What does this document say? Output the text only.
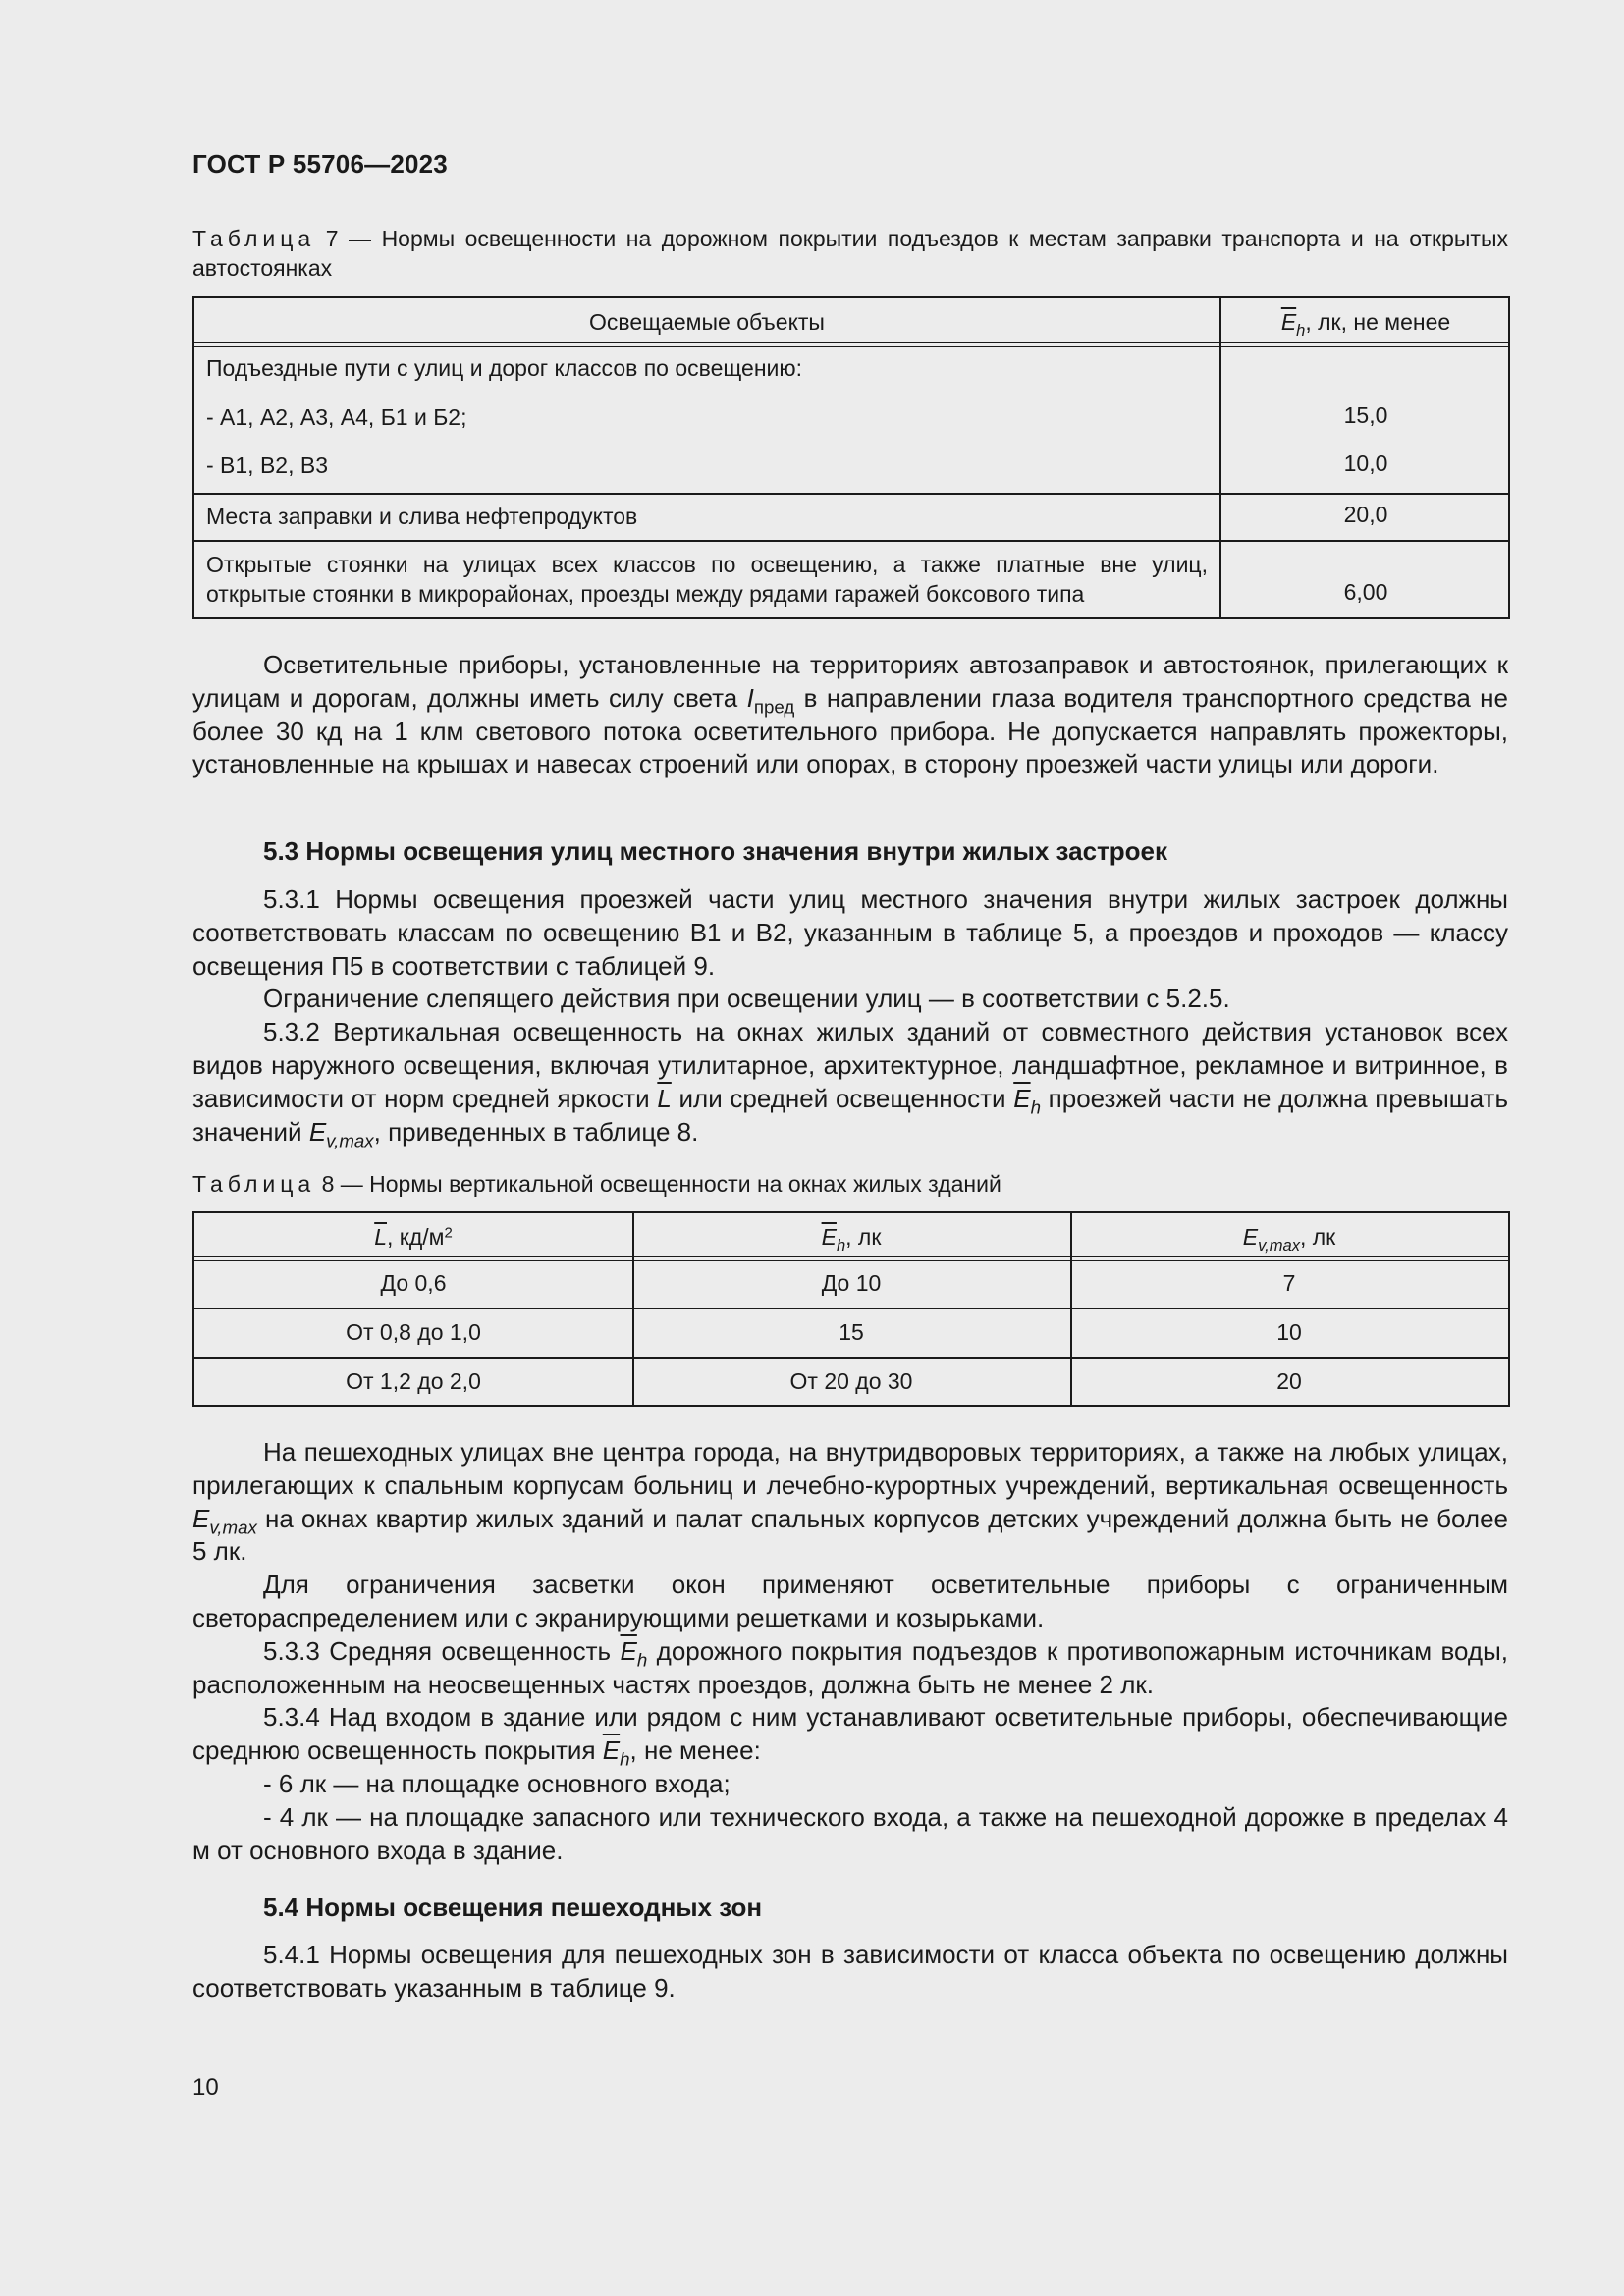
ГОСТ Р 55706—2023
Таблица 7 — Нормы освещенности на дорожном покрытии подъездов к местам заправки транспорта и на открытых автостоянках
Освещаемые объекты	$\overline{E}_h$, лк, не менее
Подъездные пути с улиц и дорог классов по освещению:
- А1, А2, А3, А4, Б1 и Б2;	15,0
- В1, В2, В3	10,0
Места заправки и слива нефтепродуктов	20,0
Открытые стоянки на улицах всех классов по освещению, а также платные вне улиц, открытые стоянки в микрорайонах, проезды между рядами гаражей боксового типа	6,00

Осветительные приборы, установленные на территориях автозаправок и автостоянок, прилегающих к улицам и дорогам, должны иметь силу света $I_{пред}$ в направлении глаза водителя транспортного средства не более 30 кд на 1 клм светового потока осветительного прибора. Не допускается направлять прожекторы, установленные на крышах и навесах строений или опорах, в сторону проезжей части улицы или дороги.

5.3 Нормы освещения улиц местного значения внутри жилых застроек

5.3.1 Нормы освещения проезжей части улиц местного значения внутри жилых застроек должны соответствовать классам по освещению В1 и В2, указанным в таблице 5, а проездов и проходов — классу освещения П5 в соответствии с таблицей 9.

Ограничение слепящего действия при освещении улиц — в соответствии с 5.2.5.

5.3.2 Вертикальная освещенность на окнах жилых зданий от совместного действия установок всех видов наружного освещения, включая утилитарное, архитектурное, ландшафтное, рекламное и витринное, в зависимости от норм средней яркости $\overline{L}$ или средней освещенности $\overline{E}_h$ проезжей части не должна превышать значений $E_{v,max}$, приведенных в таблице 8.

Таблица 8 — Нормы вертикальной освещенности на окнах жилых зданий
$\overline{L}$, $кд/м^2$	$\overline{E}_h$, лк	$E_{v,max}$, лк
До 0,6	До 10	7
От 0,8 до 1,0	15	10
От 1,2 до 2,0	От 20 до 30	20

На пешеходных улицах вне центра города, на внутридворовых территориях, а также на любых улицах, прилегающих к спальным корпусам больниц и лечебно-курортных учреждений, вертикальная освещенность $E_{v,max}$ на окнах квартир жилых зданий и палат спальных корпусов детских учреждений должна быть не более 5 лк.

Для ограничения засветки окон применяют осветительные приборы с ограниченным светораспределением или с экранирующими решетками и козырьками.

5.3.3 Средняя освещенность $\overline{E}_h$ дорожного покрытия подъездов к противопожарным источникам воды, расположенным на неосвещенных частях проездов, должна быть не менее 2 лк.

5.3.4 Над входом в здание или рядом с ним устанавливают осветительные приборы, обеспечивающие среднюю освещенность покрытия $\overline{E}_h$, не менее:

- 6 лк — на площадке основного входа;

- 4 лк — на площадке запасного или технического входа, а также на пешеходной дорожке в пределах 4 м от основного входа в здание.

5.4 Нормы освещения пешеходных зон

5.4.1 Нормы освещения для пешеходных зон в зависимости от класса объекта по освещению должны соответствовать указанным в таблице 9.

10
